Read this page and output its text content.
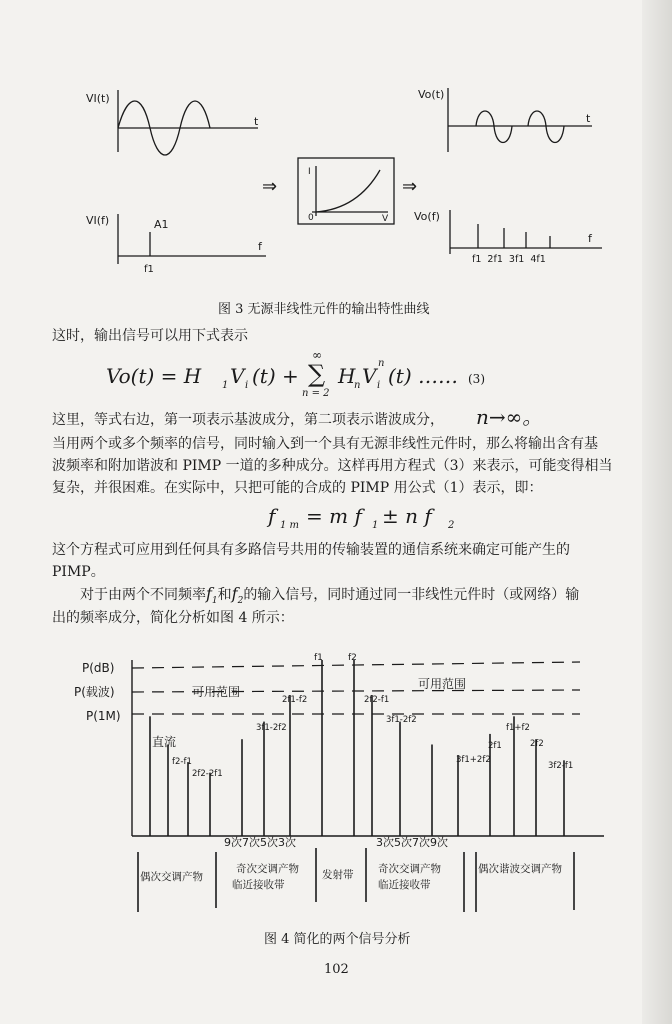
VI(t)
t
VI(f)	A1
f1
f
⇒
I
V
0
⇒
Vo(t)
t
Vo(f)
f
f1  2f1  3f1  4f1
图 3 无源非线性元件的输出特性曲线
这时，输出信号可以用下式表示
Vo(t) = H 1 V i (t) +
∞
∑
n = 2
H
n V i
n
(t) …… (3)
这里，等式右边，第一项表示基波成分，第二项表示谐波成分， n→∞。
当用两个或多个频率的信号，同时输入到一个具有无源非线性元件时，那么将输出含有基
波频率和附加谐波和 PIMP 一道的多种成分。这样再用方程式（3）来表示，可能变得相当
复杂，并很困难。在实际中，只把可能的合成的 PIMP 用公式（1）表示，即：
f 1 m = m f 1 ± n f 2
这个方程式可应用到任何具有多路信号共用的传输装置的通信系统来确定可能产生的
PIMP。
对于由两个不同频率$f_1$和$f_2$的输入信号，同时通过同一非线性元件时（或网络）输
出的频率成分，简化分析如图 4 所示：
P(dB)
P(载波)
P(1M)
可用范围
可用范围
直流
f2-f1
2f2-2f1
3f1-2f2
2f1-f2
f1	f2
2f2-f1
3f1-2f2
3f1+2f2
2f1
f1+f2
2f2
3f2-f1
9次7次5次3次	3次5次7次9次
偶次交调产物
奇次交调产物临近接收带
发射带 奇次交调产物临近接收带
偶次谐波交调产物
图 4 简化的两个信号分析
102
